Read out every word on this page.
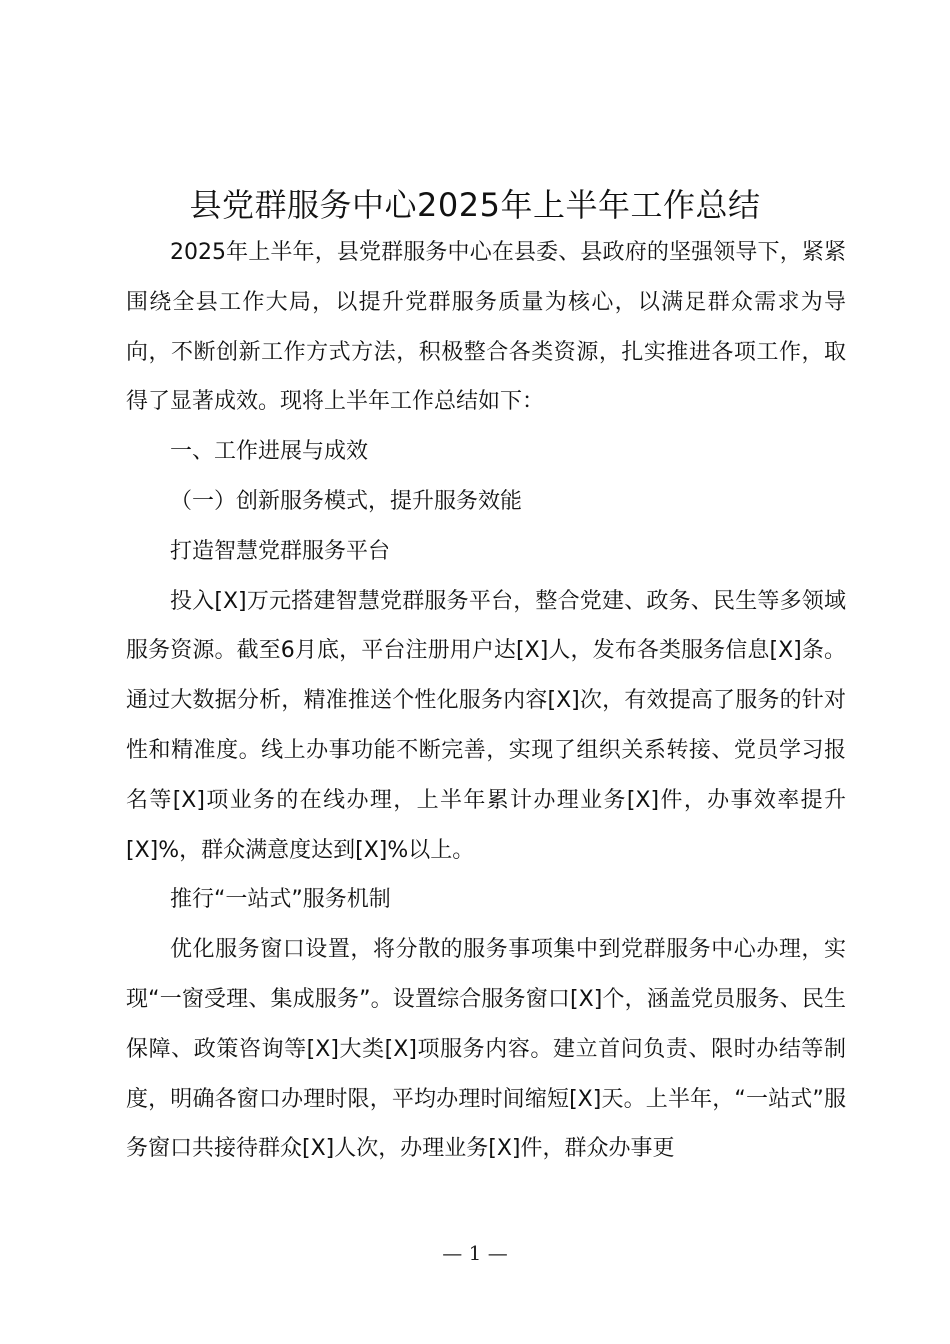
县党群服务中心2025年上半年工作总结

2025年上半年，县党群服务中心在县委、县政府的坚强领导下，紧紧围绕全县工作大局，以提升党群服务质量为核心，以满足群众需求为导向，不断创新工作方式方法，积极整合各类资源，扎实推进各项工作，取得了显著成效。现将上半年工作总结如下：

一、工作进展与成效

（一）创新服务模式，提升服务效能

打造智慧党群服务平台

投入[X]万元搭建智慧党群服务平台，整合党建、政务、民生等多领域服务资源。截至6月底，平台注册用户达[X]人，发布各类服务信息[X]条。通过大数据分析，精准推送个性化服务内容[X]次，有效提高了服务的针对性和精准度。线上办事功能不断完善，实现了组织关系转接、党员学习报名等[X]项业务的在线办理，上半年累计办理业务[X]件，办事效率提升[X]%，群众满意度达到[X]%以上。

推行“一站式”服务机制

优化服务窗口设置，将分散的服务事项集中到党群服务中心办理，实现“一窗受理、集成服务”。设置综合服务窗口[X]个，涵盖党员服务、民生保障、政策咨询等[X]大类[X]项服务内容。建立首问负责、限时办结等制度，明确各窗口办理时限，平均办理时间缩短[X]天。上半年，“一站式”服务窗口共接待群众[X]人次，办理业务[X]件，群众办事更

— 1 —
